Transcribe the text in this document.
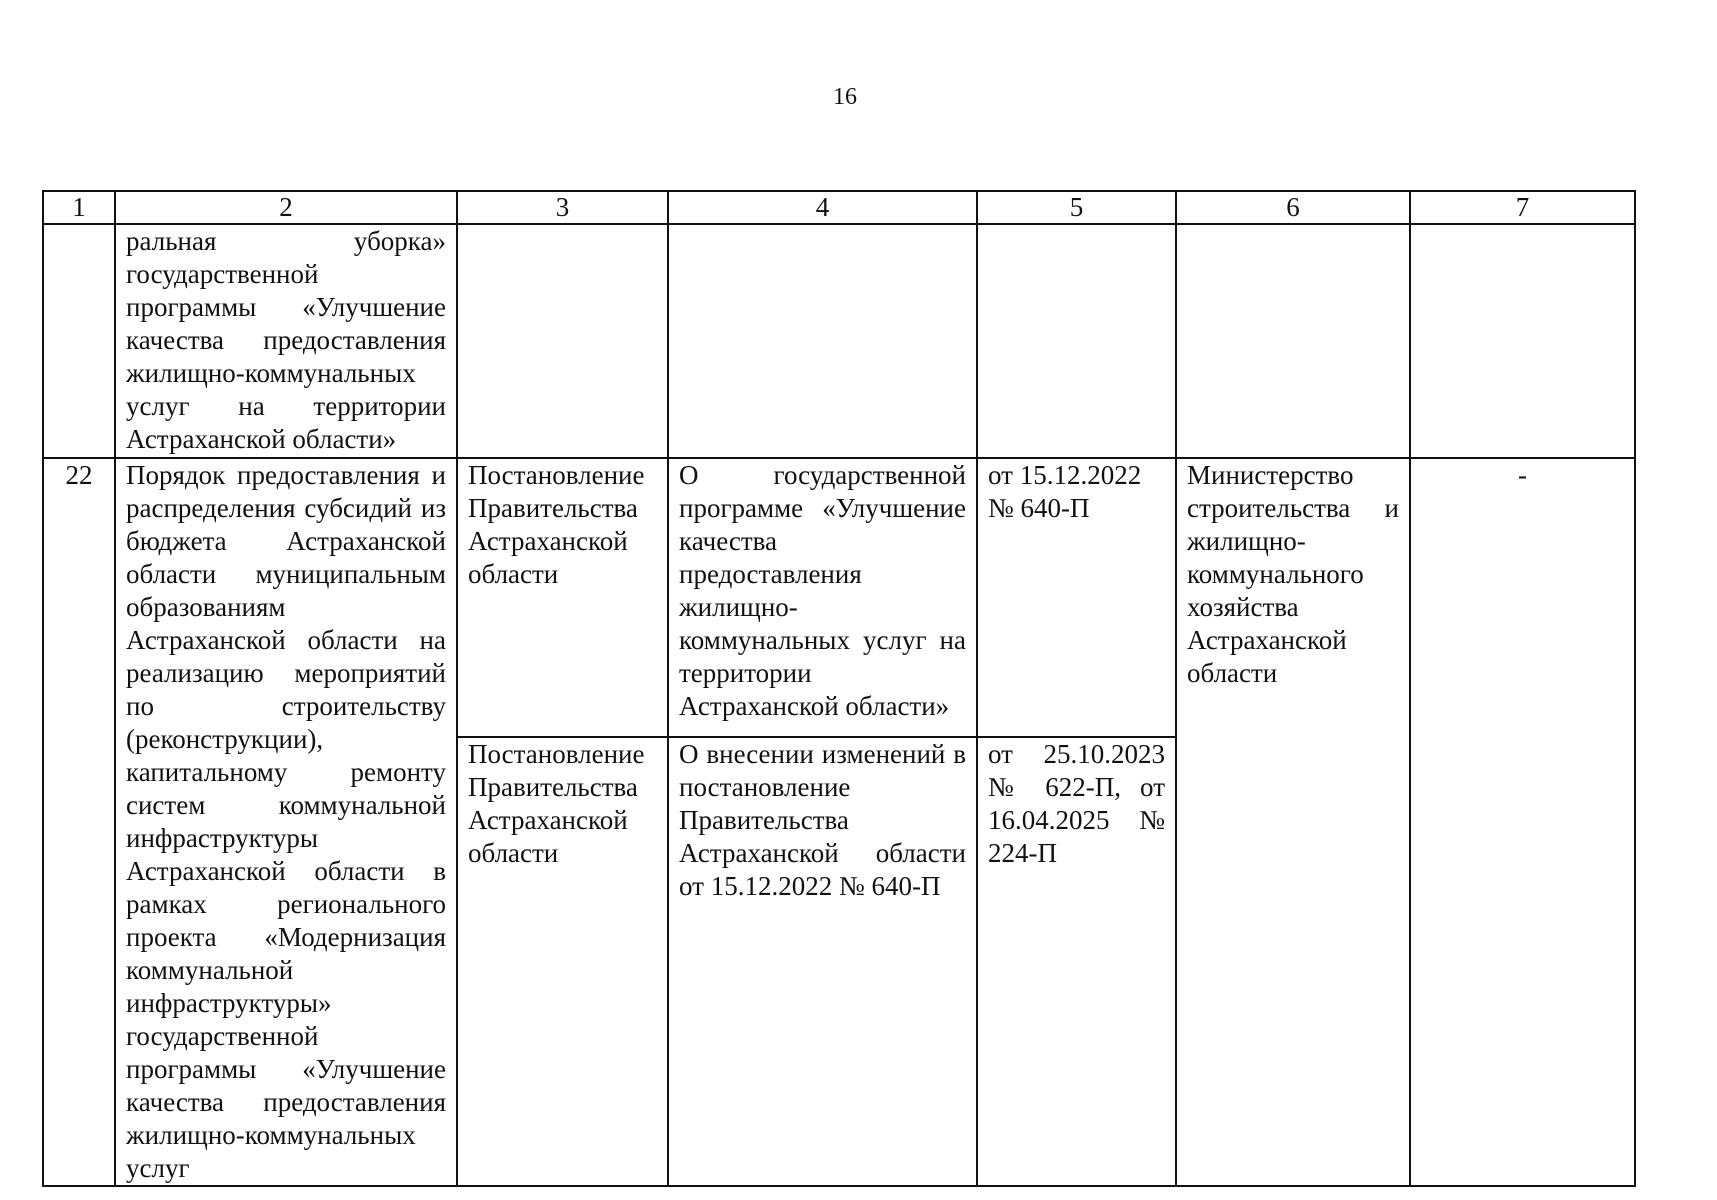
16
1	2	3	4	5	6	7
	ральная уборка» государственной программы «Улучшение качества предоставления жилищно-коммунальных услуг на территории Астраханской области»					
22	Порядок предоставления и распределения субсидий из бюджета Астраханской области муниципальным образованиям Астраханской области на реализацию мероприятий по строительству (реконструкции), капитальному ремонту систем коммунальной инфраструктуры Астраханской области в рамках регионального проекта «Модернизация коммунальной инфраструктуры» государственной программы «Улучшение качества предоставления жилищно-коммунальных услуг	Постановление Правительства Астраханской области	О государственной программе «Улучшение качества предоставления жилищно-коммунальных услуг на территории Астраханской области»	от 15.12.2022 № 640-П	Министерство строительства и жилищно-коммунального хозяйства Астраханской области	-
		Постановление Правительства Астраханской области	О внесении изменений в постановление Правительства Астраханской области от 15.12.2022 № 640-П	от 25.10.2023 № 622-П, от 16.04.2025 № 224-П		
